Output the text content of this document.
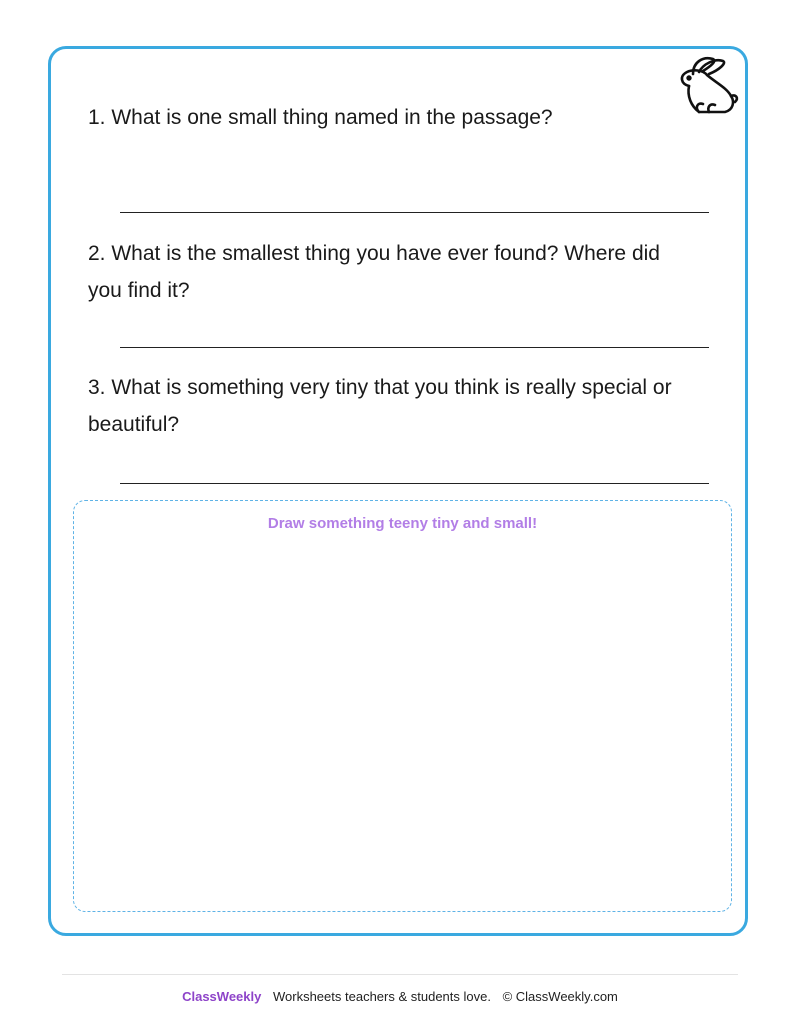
1. What is one small thing named in the passage?

2. What is the smallest thing you have ever found? Where did you find it?

3. What is something very tiny that you think is really special or beautiful?

Draw something teeny tiny and small!
ClassWeekly Worksheets teachers & students love. © ClassWeekly.com
